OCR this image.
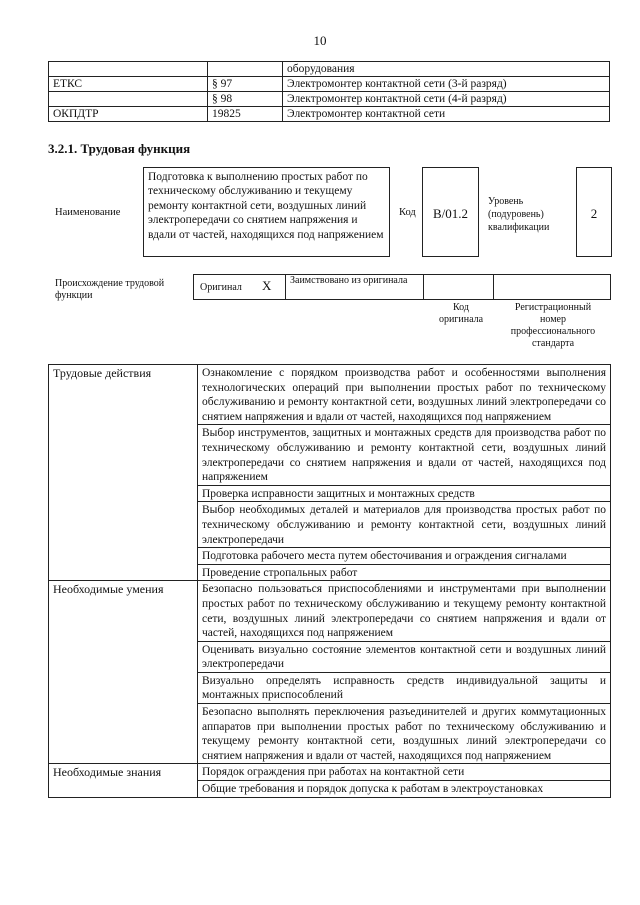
10
		оборудования
ЕТКС	§ 97	Электромонтер контактной сети (3-й разряд)
	§ 98	Электромонтер контактной сети (4-й разряд)
ОКПДТР	19825	Электромонтер контактной сети
3.2.1. Трудовая функция
Наименование
Подготовка к выполнению простых работ по техническому обслуживанию и текущему ремонту контактной сети, воздушных линий электропередачи со снятием напряжения и вдали от частей, находящихся под напряжением
Код	B/01.2
Уровень (подуровень) квалификации
2
Происхождение трудовой функции
Оригинал X Заимствовано из оригинала
Код оригинала
Регистрационный номер профессионального стандарта
Трудовые действия	Ознакомление с порядком производства работ и особенностями выполнения технологических операций при выполнении простых работ по техническому обслуживанию и ремонту контактной сети, воздушных линий электропередачи со снятием напряжения и вдали от частей, находящихся под напряжением
	Выбор инструментов, защитных и монтажных средств для производства работ по техническому обслуживанию и ремонту контактной сети, воздушных линий электропередачи со снятием напряжения и вдали от частей, находящихся под напряжением
	Проверка исправности защитных и монтажных средств
	Выбор необходимых деталей и материалов для производства простых работ по техническому обслуживанию и ремонту контактной сети, воздушных линий электропередачи
	Подготовка рабочего места путем обесточивания и ограждения сигналами
	Проведение стропальных работ
Необходимые умения	Безопасно пользоваться приспособлениями и инструментами при выполнении простых работ по техническому обслуживанию и текущему ремонту контактной сети, воздушных линий электропередачи со снятием напряжения и вдали от частей, находящихся под напряжением
	Оценивать визуально состояние элементов контактной сети и воздушных линий электропередачи
	Визуально определять исправность средств индивидуальной защиты и монтажных приспособлений
	Безопасно выполнять переключения разъединителей и других коммутационных аппаратов при выполнении простых работ по техническому обслуживанию и текущему ремонту контактной сети, воздушных линий электропередачи со снятием напряжения и вдали от частей, находящихся под напряжением
Необходимые знания	Порядок ограждения при работах на контактной сети
	Общие требования и порядок допуска к работам в электроустановках
